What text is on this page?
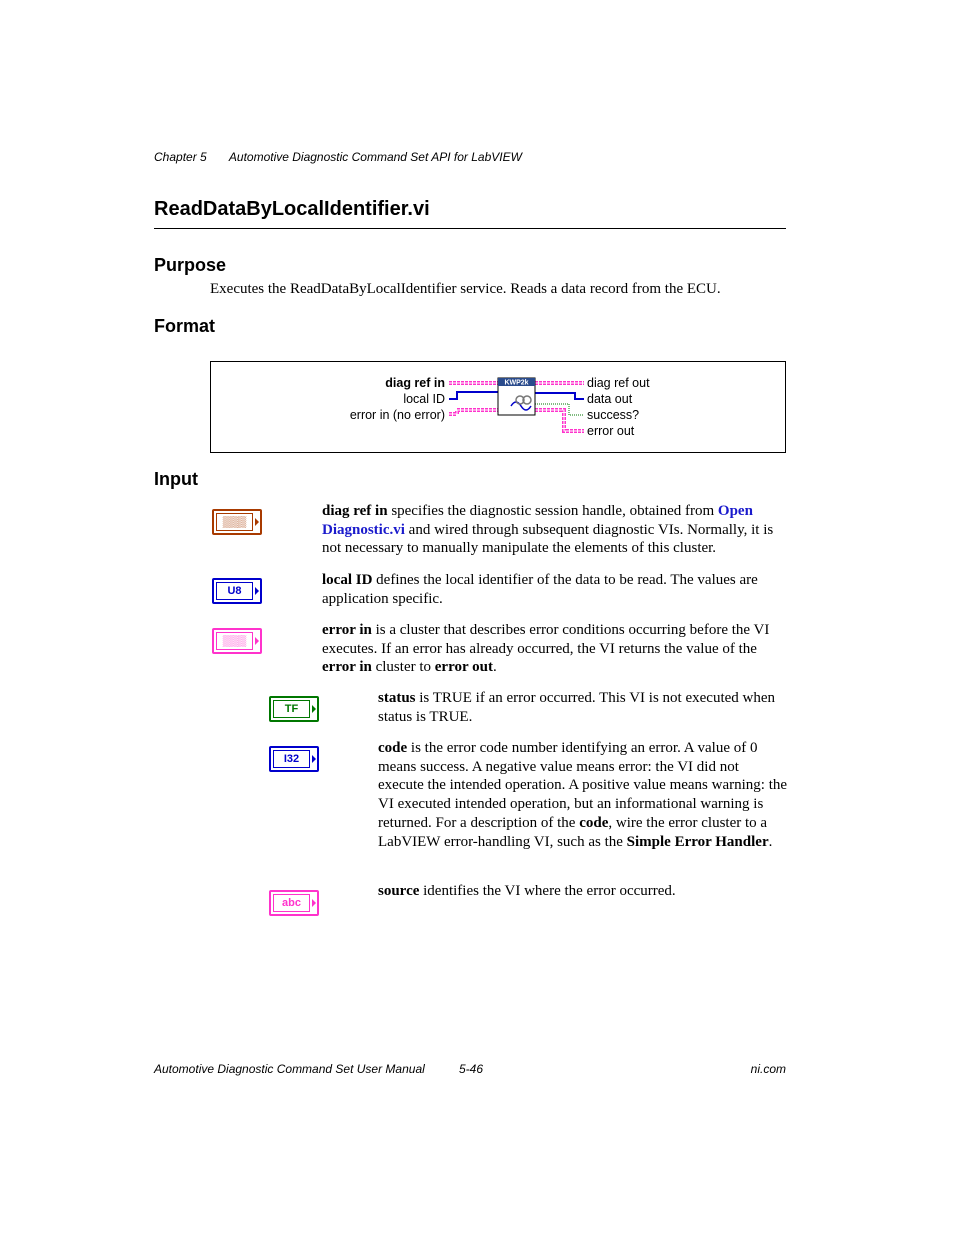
Chapter 5 Automotive Diagnostic Command Set API for LabVIEW
ReadDataByLocalIdentifier.vi
Purpose
Executes the ReadDataByLocalIdentifier service. Reads a data record from the ECU.
Format
KWP2k
diag ref in
local ID
error in (no error)
diag ref out
data out
success?
error out
Input
▒▒▒
diag ref in specifies the diagnostic session handle, obtained from Open Diagnostic.vi and wired through subsequent diagnostic VIs. Normally, it is not necessary to manually manipulate the elements of this cluster.
U8
local ID defines the local identifier of the data to be read. The values are application specific.
▒▒▒
error in is a cluster that describes error conditions occurring before the VI executes. If an error has already occurred, the VI returns the value of the error in cluster to error out.
TF
status is TRUE if an error occurred. This VI is not executed when status is TRUE.
I32
code is the error code number identifying an error. A value of 0 means success. A negative value means error: the VI did not execute the intended operation. A positive value means warning: the VI executed intended operation, but an informational warning is returned. For a description of the code, wire the error cluster to a LabVIEW error-handling VI, such as the Simple Error Handler.
abc
source identifies the VI where the error occurred.
Automotive Diagnostic Command Set User Manual	5-46	ni.com
